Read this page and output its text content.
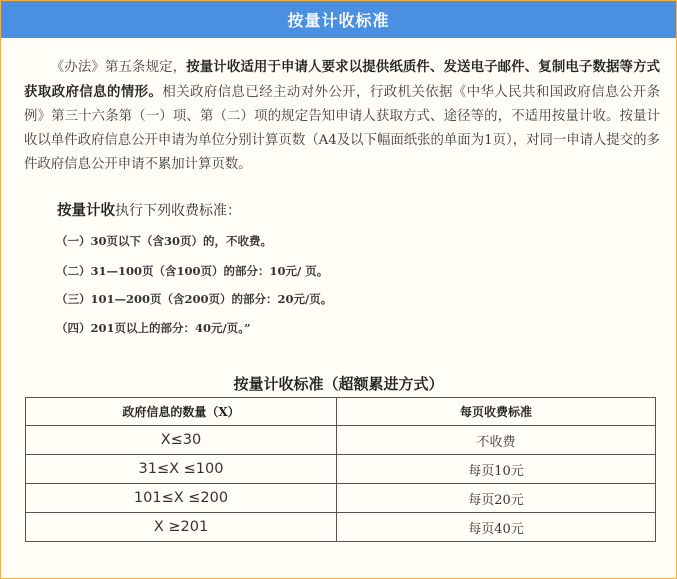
按量计收标准
《办法》第五条规定，按量计收适用于申请人要求以提供纸质件、发送电子邮件、复制电子数据等方式获取政府信息的情形。相关政府信息已经主动对外公开，行政机关依据《中华人民共和国政府信息公开条例》第三十六条第（一）项、第（二）项的规定告知申请人获取方式、途径等的，不适用按量计收。按量计收以单件政府信息公开申请为单位分别计算页数（A4及以下幅面纸张的单面为1页），对同一申请人提交的多件政府信息公开申请不累加计算页数。
按量计收执行下列收费标准：
（一）30页以下（含30页）的，不收费。
（二）31—100页（含100页）的部分：10元/ 页。
（三）101—200页（含200页）的部分：20元/页。
（四）201页以上的部分：40元/页。”
按量计收标准（超额累进方式）
政府信息的数量（X）	每页收费标准
X≤30	不收费
31≤X ≤100	每页10元
101≤X ≤200	每页20元
X ≥201	每页40元
